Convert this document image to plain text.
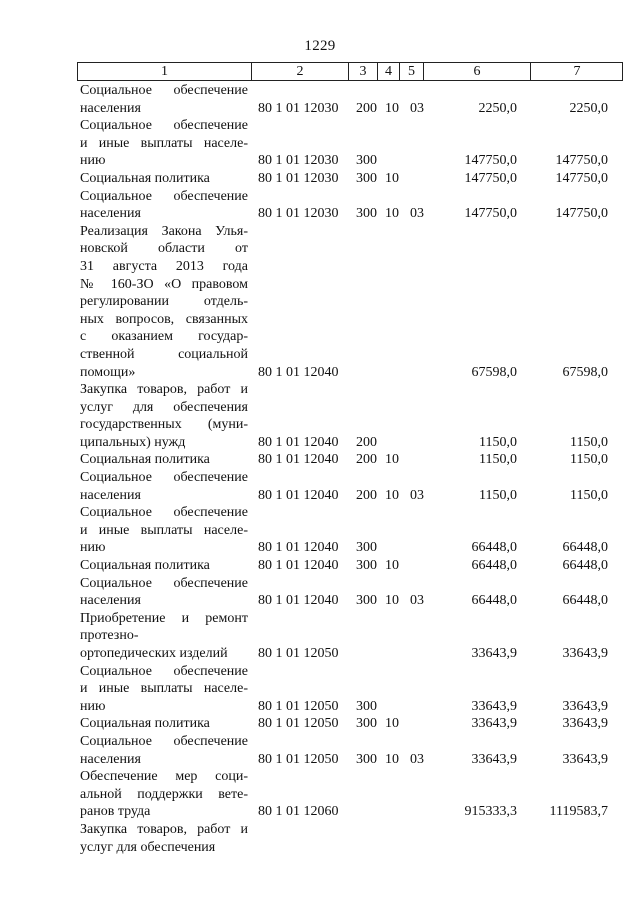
1229
1	2	3	4	5	6	7
Социальное обеспечение
населения	80 1 01 12030 200 10 03	2250,0	2250,0
Социальное обеспечение
и иные выплаты населе-
нию	80 1 01 12030 300	147750,0	147750,0
Социальная политика	80 1 01 12030 300 10	147750,0	147750,0
Социальное обеспечение
населения	80 1 01 12030 300 10 03	147750,0	147750,0
Реализация Закона Улья-
новской области от
31 августа 2013 года
№ 160-ЗО «О правовом
регулировании отдель-
ных вопросов, связанных
с оказанием государ-
ственной социальной
помощи»	80 1 01 12040	67598,0	67598,0
Закупка товаров, работ и
услуг для обеспечения
государственных (муни-
ципальных) нужд	80 1 01 12040 200	1150,0	1150,0
Социальная политика	80 1 01 12040 200 10	1150,0	1150,0
Социальное обеспечение
населения	80 1 01 12040 200 10 03	1150,0	1150,0
Социальное обеспечение
и иные выплаты населе-
нию	80 1 01 12040 300	66448,0	66448,0
Социальная политика	80 1 01 12040 300 10	66448,0	66448,0
Социальное обеспечение
населения	80 1 01 12040 300 10 03	66448,0	66448,0
Приобретение и ремонт
протезно-
ортопедических изделий	80 1 01 12050	33643,9	33643,9
Социальное обеспечение
и иные выплаты населе-
нию	80 1 01 12050 300	33643,9	33643,9
Социальная политика	80 1 01 12050 300 10	33643,9	33643,9
Социальное обеспечение
населения	80 1 01 12050 300 10 03	33643,9	33643,9
Обеспечение мер соци-
альной поддержки вете-
ранов труда	80 1 01 12060	915333,3 1119583,7
Закупка товаров, работ и
услуг для обеспечения
